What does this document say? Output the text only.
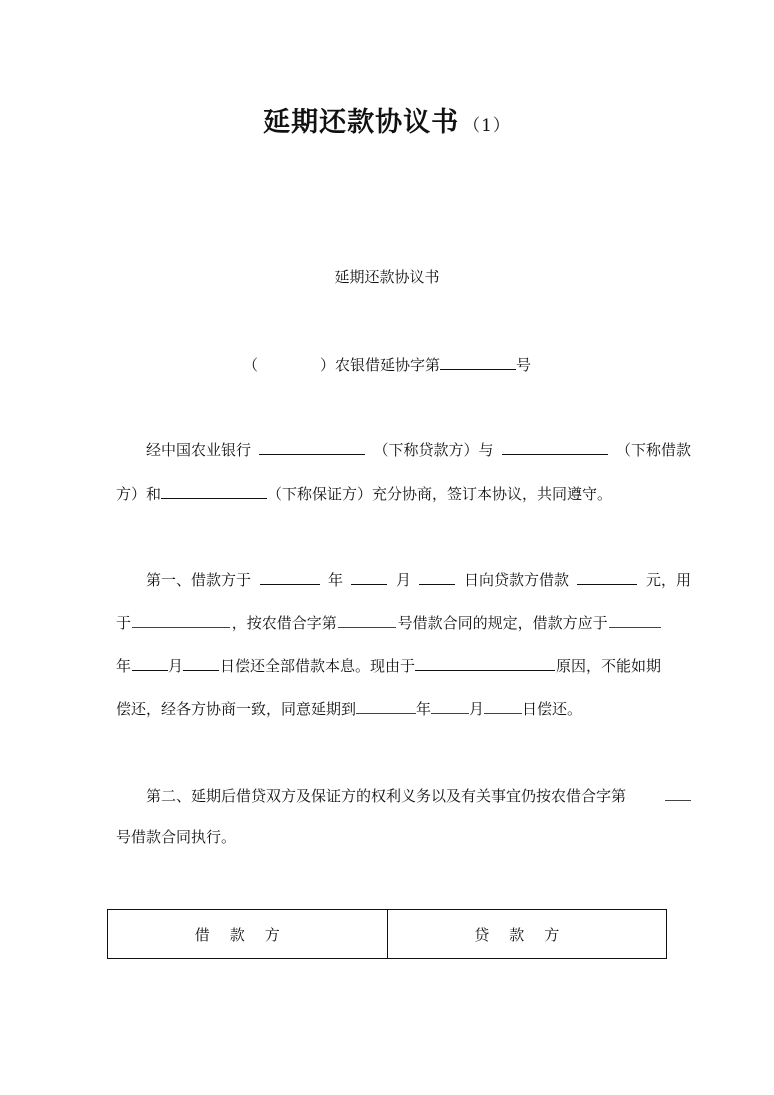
延期还款协议书 （1）
延期还款协议书
（	）农银借延协字第	号
经中国农业银行	（下称贷款方）与	（下称借款
方）和	（下称保证方）充分协商，签订本协议，共同遵守。
第一、借款方于	年	月	日向贷款方借款	元，用
于	，按农借合字第	号借款合同的规定，借款方应于
年 月 日偿还全部借款本息。现由于	原因，不能如期
偿还，经各方协商一致，同意延期到	年	月	日偿还。
第二、延期后借贷双方及保证方的权利义务以及有关事宜仍按农借合字第
号借款合同执行。
借款方	贷款方
